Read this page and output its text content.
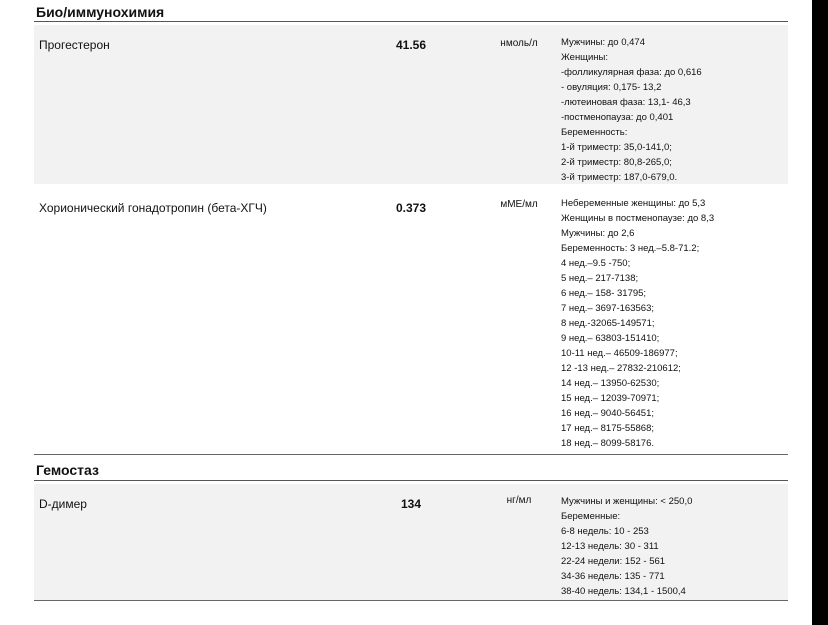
Био/иммунохимия
Прогестерон	41.56	нмоль/л	Мужчины: до 0,474
Женщины:
-фолликулярная фаза: до 0,616
- овуляция: 0,175- 13,2
-лютеиновая фаза: 13,1- 46,3
-постменопауза: до 0,401
Беременность:
1-й триместр: 35,0-141,0;
2-й триместр: 80,8-265,0;
3-й триместр: 187,0-679,0.
Хорионический гонадотропин (бета-ХГЧ)	0.373	мМЕ/мл	Небеременные женщины: до 5,3
Женщины в постменопаузе: до 8,3
Мужчины: до 2,6
Беременность: 3 нед.–5.8-71.2;
4 нед.–9.5 -750;
5 нед.– 217-7138;
6 нед.– 158- 31795;
7 нед.– 3697-163563;
8 нед.-32065-149571;
9 нед.– 63803-151410;
10-11 нед.– 46509-186977;
12 -13 нед.– 27832-210612;
14 нед.– 13950-62530;
15 нед.– 12039-70971;
16 нед.– 9040-56451;
17 нед.– 8175-55868;
18 нед.– 8099-58176.
Гемостаз
D-димер	134	нг/мл	Мужчины и женщины: < 250,0
Беременные:
6-8 недель: 10 - 253
12-13 недель: 30 - 311
22-24 недели: 152 - 561
34-36 недель: 135 - 771
38-40 недель: 134,1 - 1500,4
